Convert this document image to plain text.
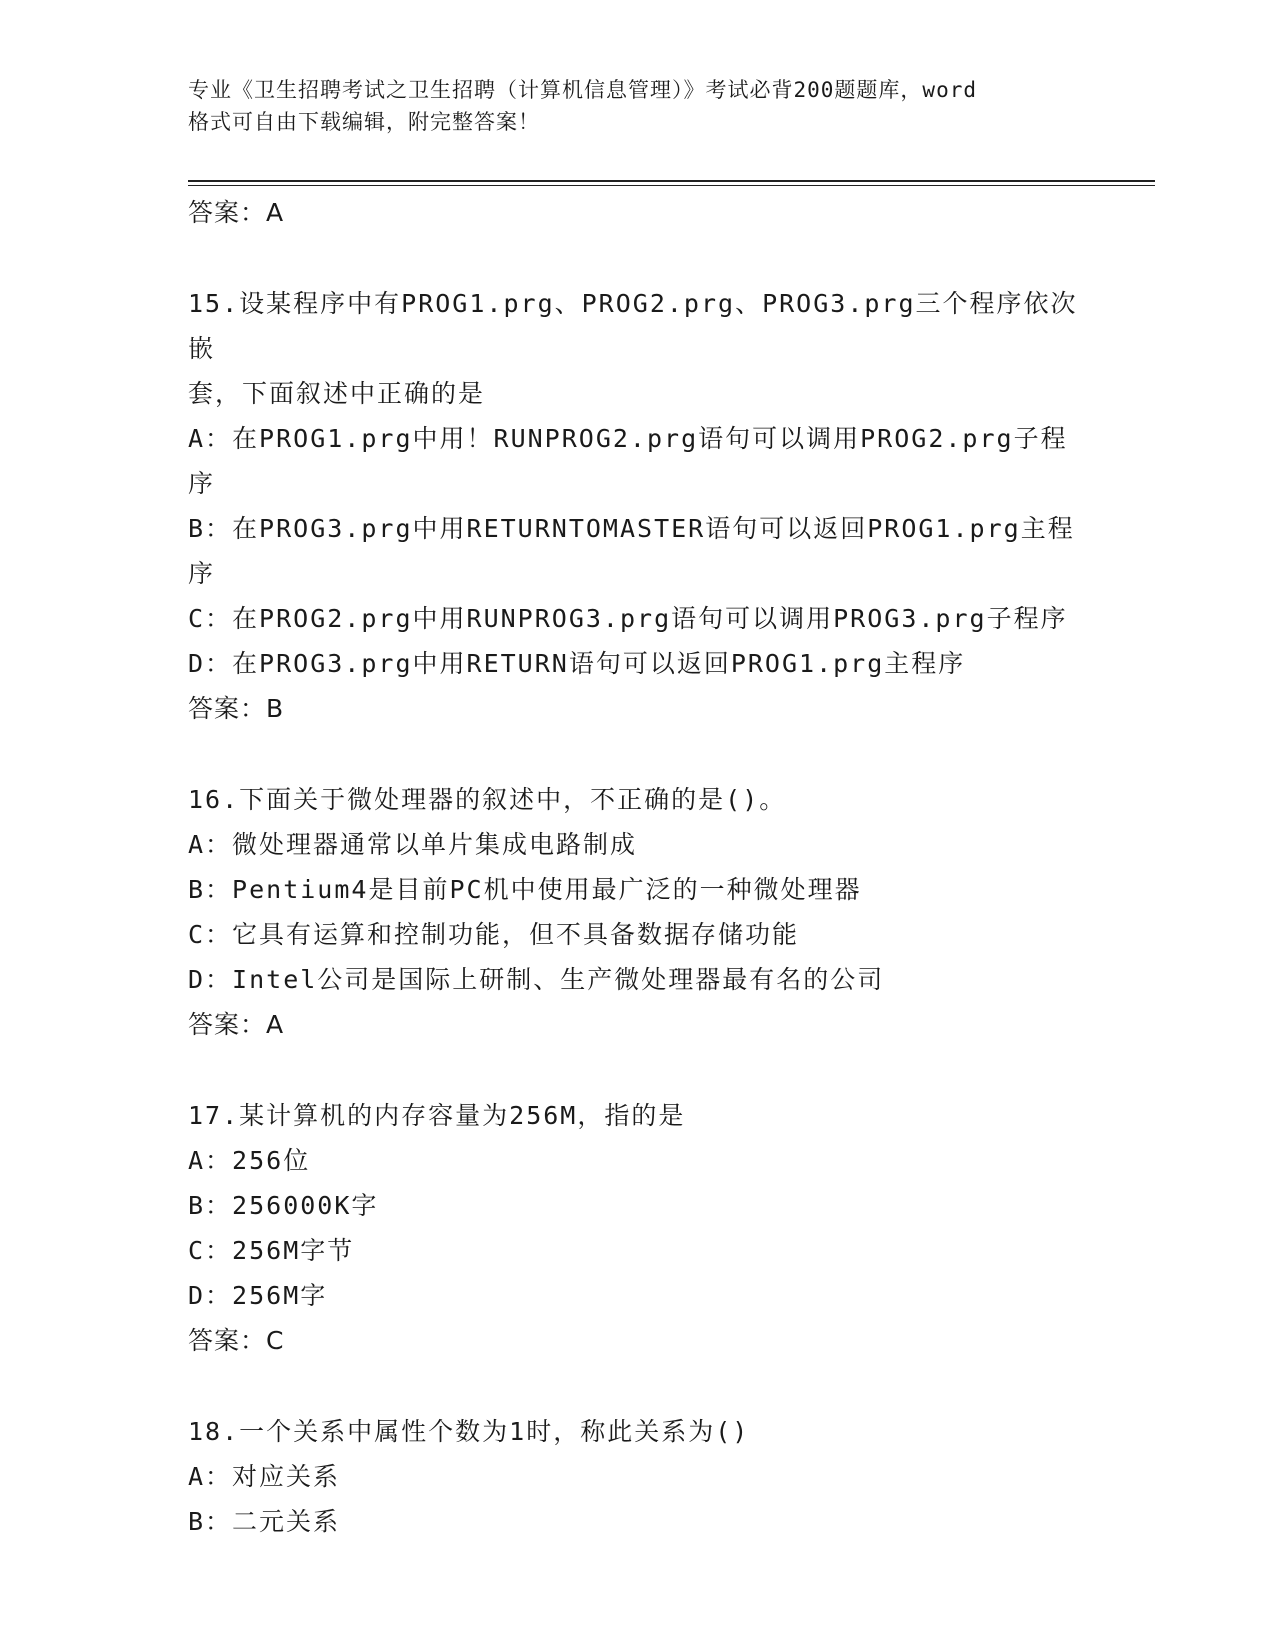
专业《卫生招聘考试之卫生招聘（计算机信息管理）》考试必背200题题库，word
格式可自由下载编辑，附完整答案！
答案：A
15.设某程序中有PROG1.prg、PROG2.prg、PROG3.prg三个程序依次嵌
套，下面叙述中正确的是
A：在PROG1.prg中用！RUNPROG2.prg语句可以调用PROG2.prg子程序
B：在PROG3.prg中用RETURNTOMASTER语句可以返回PROG1.prg主程
序
C：在PROG2.prg中用RUNPROG3.prg语句可以调用PROG3.prg子程序
D：在PROG3.prg中用RETURN语句可以返回PROG1.prg主程序
答案：B
16.下面关于微处理器的叙述中，不正确的是()。
A：微处理器通常以单片集成电路制成
B：Pentium4是目前PC机中使用最广泛的一种微处理器
C：它具有运算和控制功能，但不具备数据存储功能
D：Intel公司是国际上研制、生产微处理器最有名的公司
答案：A
17.某计算机的内存容量为256M，指的是
A：256位
B：256000K字
C：256M字节
D：256M字
答案：C
18.一个关系中属性个数为1时，称此关系为()
A：对应关系
B：二元关系
